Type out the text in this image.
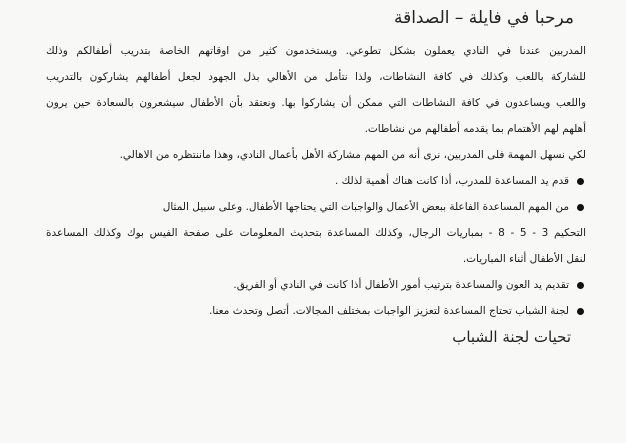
مرحبا في فايلة – الصداقة
المدربين عندنا في النادي يعملون بشكل تطوعي. ويستخدمون كثير من اوقاتهم الخاصة بتدريب أطفالكم وذلك
للشاركة باللعب وكذلك في كافة النشاطات، ولذا نتأمل من الأهالي بذل الجهود لجعل أطفالهم يشاركون بالتدريب
واللعب ويساعدون في كافة النشاطات التي ممكن أن يشاركوا بها. ونعتقد بأن الأطفال سيشعرون بالسعادة حين يرون
أهلهم لهم الأهتمام بما يقدمه أطفالهم من نشاطات.
لكي نسهل المهمة فلى المدربين، نرى أنه من المهم مشاركة الأهل بأعمال النادي، وهذا ماننتظره من الاهالي.
قدم يد المساعدة للمدرب، أذا كانت هناك أهمية لذلك .
من المهم المساعدة الفاعلة ببعض الأعمال والواجبات التي يحتاجها الأطفال. وعلى سبيل المثال
التحكيم 3 - 5 - 8 - بمباريات الرجال، وكذلك المساعدة بتحديث المعلومات على صفحة الفيس بوك وكذلك المساعدة
لنقل الأطفال أثناء المباريات.
تقديم يد العون والمساعدة بترتيب أمور الأطفال أذا كانت في النادي أو الفريق.
لجنة الشباب تحتاج المساعدة لتعزيز الواجبات بمختلف المجالات. أتصل وتحدث معنا.
تحيات لجنة الشباب
